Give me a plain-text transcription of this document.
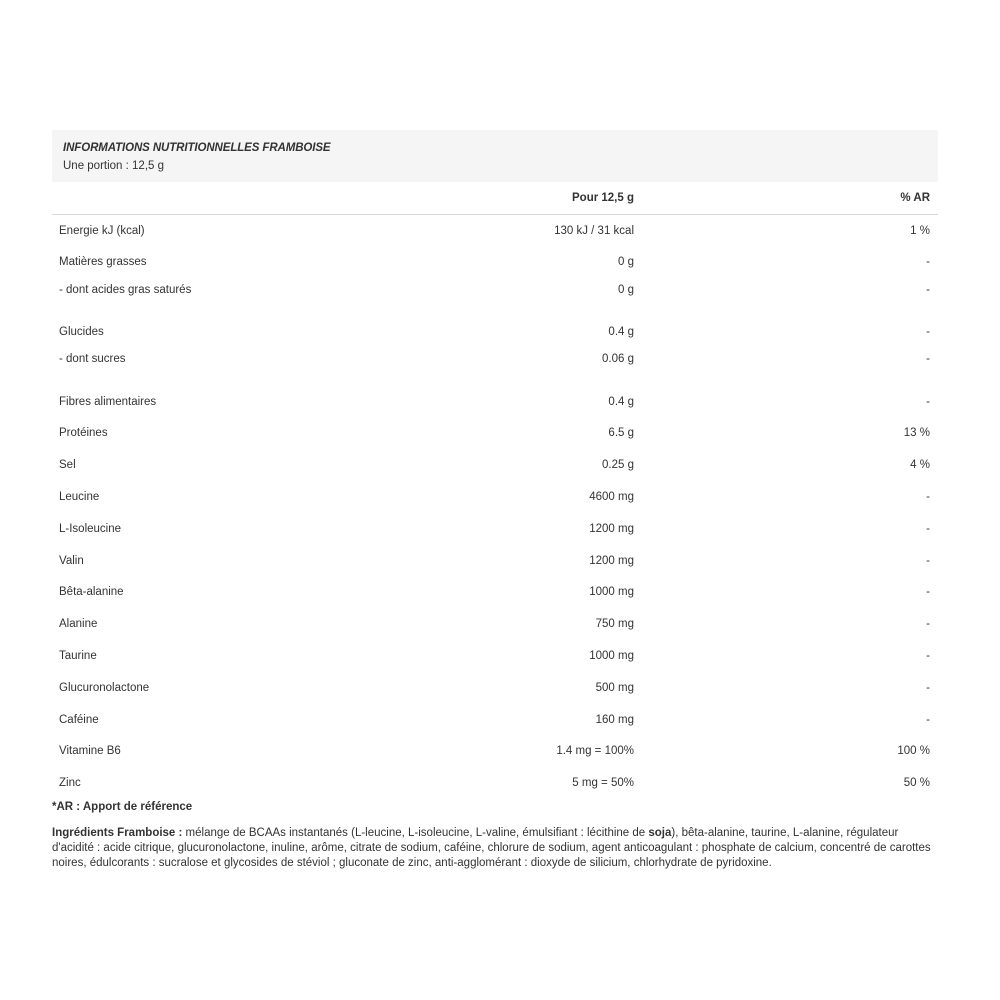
INFORMATIONS NUTRITIONNELLES FRAMBOISE
Une portion : 12,5 g
Pour 12,5 g	% AR
Energie kJ (kcal)	130 kJ / 31 kcal	1 %
Matières grasses	0 g	-
- dont acides gras saturés	0 g	-
Glucides	0.4 g	-
- dont sucres	0.06 g	-
Fibres alimentaires	0.4 g	-
Protéines	6.5 g	13 %
Sel	0.25 g	4 %
Leucine	4600 mg	-
L-Isoleucine	1200 mg	-
Valin	1200 mg	-
Bêta-alanine	1000 mg	-
Alanine	750 mg	-
Taurine	1000 mg	-
Glucuronolactone	500 mg	-
Caféine	160 mg	-
Vitamine B6	1.4 mg = 100%	100 %
Zinc	5 mg = 50%	50 %
*AR : Apport de référence
Ingrédients Framboise : mélange de BCAAs instantanés (L-leucine, L-isoleucine, L-valine, émulsifiant : lécithine de soja), bêta-alanine, taurine, L-alanine, régulateur d'acidité : acide citrique, glucuronolactone, inuline, arôme, citrate de sodium, caféine, chlorure de sodium, agent anticoagulant : phosphate de calcium, concentré de carottes noires, édulcorants : sucralose et glycosides de stéviol ; gluconate de zinc, anti-agglomérant : dioxyde de silicium, chlorhydrate de pyridoxine.
